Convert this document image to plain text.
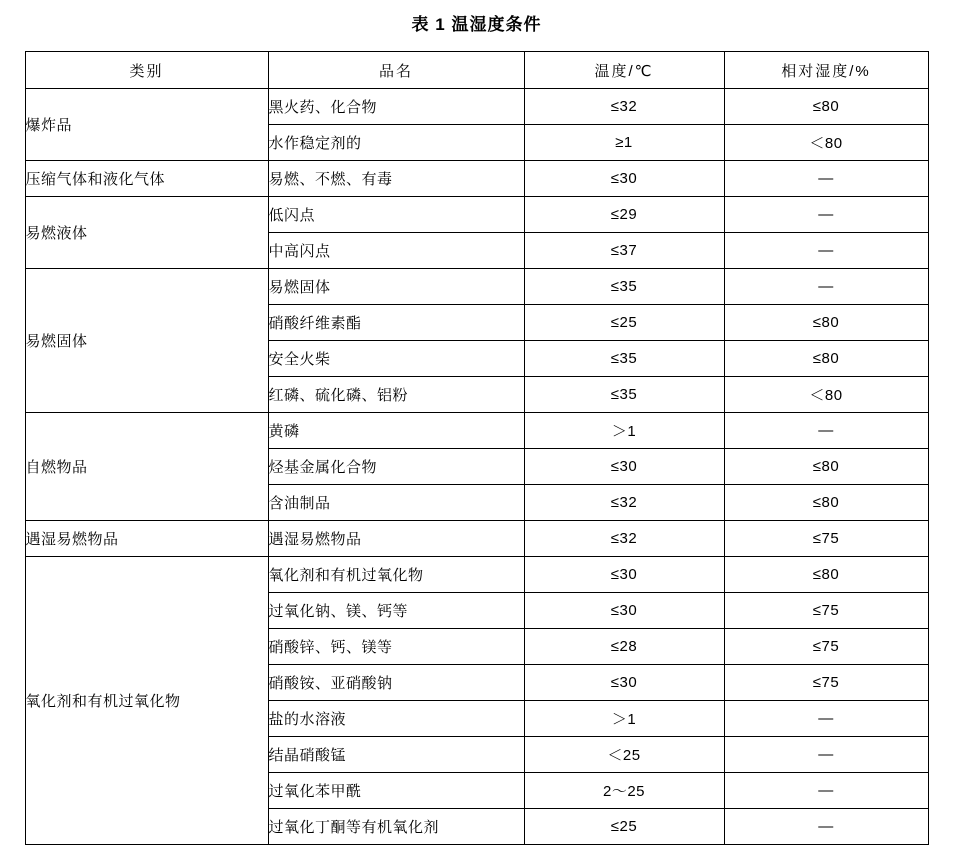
表 1 温湿度条件
类别	品名	温度/℃	相对湿度/%
爆炸品	黑火药、化合物	≤32	≤80
	水作稳定剂的	≥1	＜80
压缩气体和液化气体	易燃、不燃、有毒	≤30	—
易燃液体	低闪点	≤29	—
	中高闪点	≤37	—
易燃固体	易燃固体	≤35	—
	硝酸纤维素酯	≤25	≤80
	安全火柴	≤35	≤80
	红磷、硫化磷、铝粉	≤35	＜80
自燃物品	黄磷	＞1	—
	烃基金属化合物	≤30	≤80
	含油制品	≤32	≤80
遇湿易燃物品	遇湿易燃物品	≤32	≤75
氧化剂和有机过氧化物	氧化剂和有机过氧化物	≤30	≤80
	过氧化钠、镁、钙等	≤30	≤75
	硝酸锌、钙、镁等	≤28	≤75
	硝酸铵、亚硝酸钠	≤30	≤75
	盐的水溶液	＞1	—
	结晶硝酸锰	＜25	—
	过氧化苯甲酰	2～25	—
	过氧化丁酮等有机氧化剂	≤25	—
